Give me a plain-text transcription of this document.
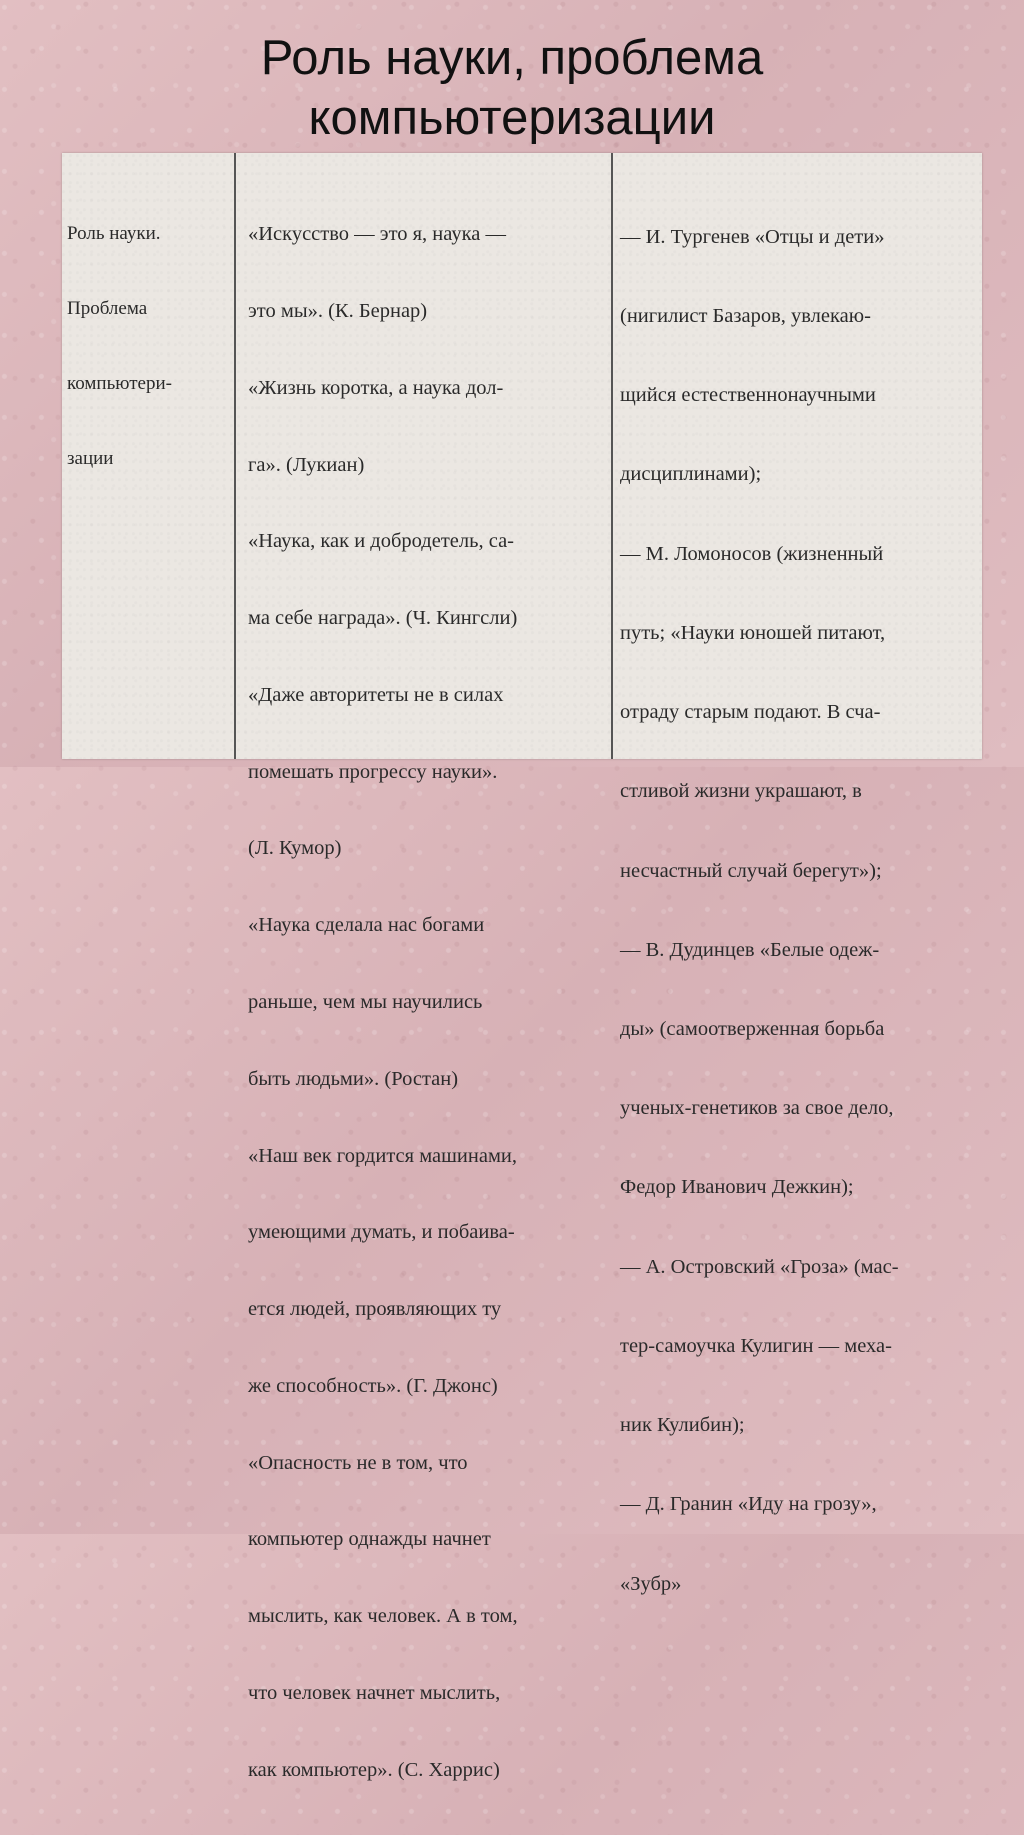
Роль науки, проблема
компьютеризации

Роль науки.

Проблема

компьютери-

зации

«Искусство — это я, наука —

это мы». (К. Бернар)

«Жизнь коротка, а наука дол-

га». (Лукиан)

«Наука, как и добродетель, са-

ма себе награда». (Ч. Кингсли)

«Даже авторитеты не в силах

помешать прогрессу науки».

(Л. Кумор)

«Наука сделала нас богами

раньше, чем мы научились

быть людьми». (Ростан)

«Наш век гордится машинами,

умеющими думать, и побаива-

ется людей, проявляющих ту

же способность». (Г. Джонс)

«Опасность не в том, что

компьютер однажды начнет

мыслить, как человек. А в том,

что человек начнет мыслить,

как компьютер». (С. Харрис)

— И. Тургенев «Отцы и дети»

(нигилист Базаров, увлекаю-

щийся естественнонаучными

дисциплинами);

— М. Ломоносов (жизненный

путь; «Науки юношей питают,

отраду старым подают. В сча-

стливой жизни украшают, в

несчастный случай берегут»);

— В. Дудинцев «Белые одеж-

ды» (самоотверженная борьба

ученых-генетиков за свое дело,

Федор Иванович Дежкин);

— А. Островский «Гроза» (мас-

тер-самоучка Кулигин — меха-

ник Кулибин);

— Д. Гранин «Иду на грозу»,

«Зубр»
